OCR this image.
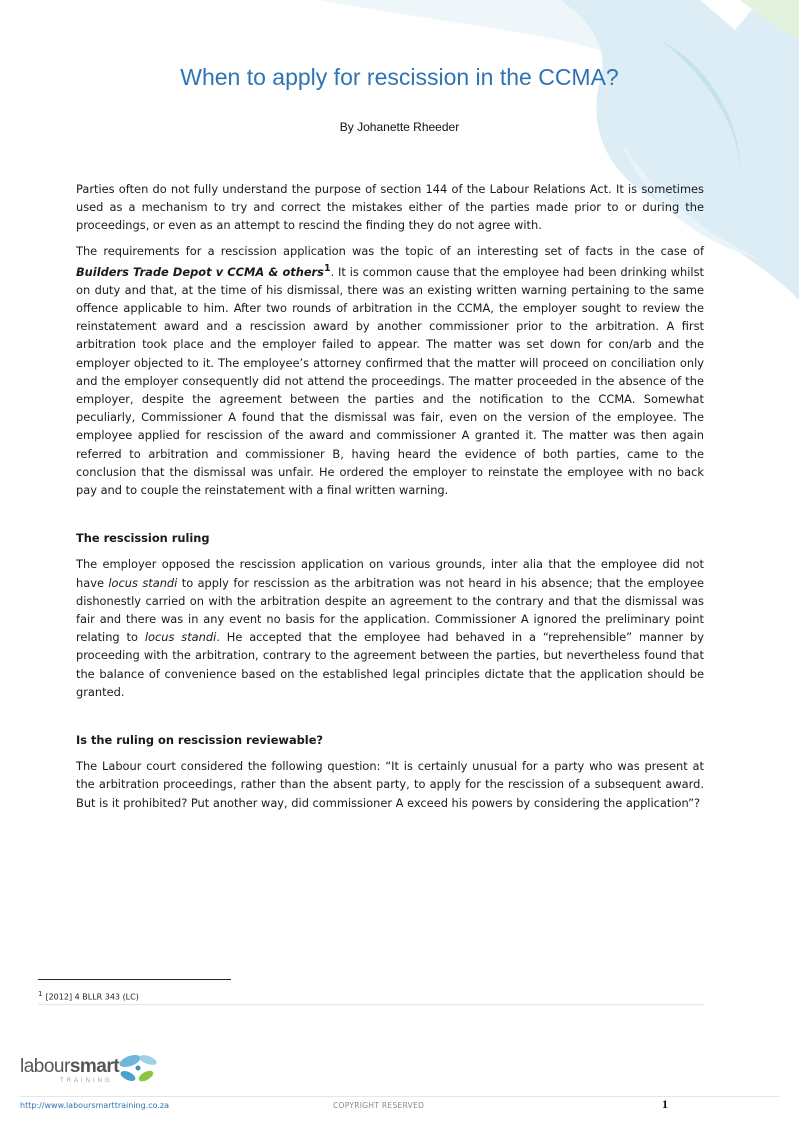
When to apply for rescission in the CCMA?
By Johanette Rheeder

Parties often do not fully understand the purpose of section 144 of the Labour Relations Act. It is sometimes used as a mechanism to try and correct the mistakes either of the parties made prior to or during the proceedings, or even as an attempt to rescind the finding they do not agree with.

The requirements for a rescission application was the topic of an interesting set of facts in the case of Builders Trade Depot v CCMA & others$^1$. It is common cause that the employee had been drinking whilst on duty and that, at the time of his dismissal, there was an existing written warning pertaining to the same offence applicable to him. After two rounds of arbitration in the CCMA, the employer sought to review the reinstatement award and a rescission award by another commissioner prior to the arbitration. A first arbitration took place and the employer failed to appear. The matter was set down for con/arb and the employer objected to it. The employee’s attorney confirmed that the matter will proceed on conciliation only and the employer consequently did not attend the proceedings. The matter proceeded in the absence of the employer, despite the agreement between the parties and the notification to the CCMA. Somewhat peculiarly, Commissioner A found that the dismissal was fair, even on the version of the employee. The employee applied for rescission of the award and commissioner A granted it. The matter was then again referred to arbitration and commissioner B, having heard the evidence of both parties, came to the conclusion that the dismissal was unfair. He ordered the employer to reinstate the employee with no back pay and to couple the reinstatement with a final written warning.

The rescission ruling

The employer opposed the rescission application on various grounds, inter alia that the employee did not have locus standi to apply for rescission as the arbitration was not heard in his absence; that the employee dishonestly carried on with the arbitration despite an agreement to the contrary and that the dismissal was fair and there was in any event no basis for the application. Commissioner A ignored the preliminary point relating to locus standi. He accepted that the employee had behaved in a “reprehensible” manner by proceeding with the arbitration, contrary to the agreement between the parties, but nevertheless found that the balance of convenience based on the established legal principles dictate that the application should be granted.

Is the ruling on rescission reviewable?

The Labour court considered the following question: “It is certainly unusual for a party who was present at the arbitration proceedings, rather than the absent party, to apply for the rescission of a subsequent award. But is it prohibited? Put another way, did commissioner A exceed his powers by considering the application”?

$^1$ [2012] 4 BLLR 343 (LC)
laboursmart
TRAINING
http://www.laboursmarttraining.co.za	COPYRIGHT RESERVED	1
